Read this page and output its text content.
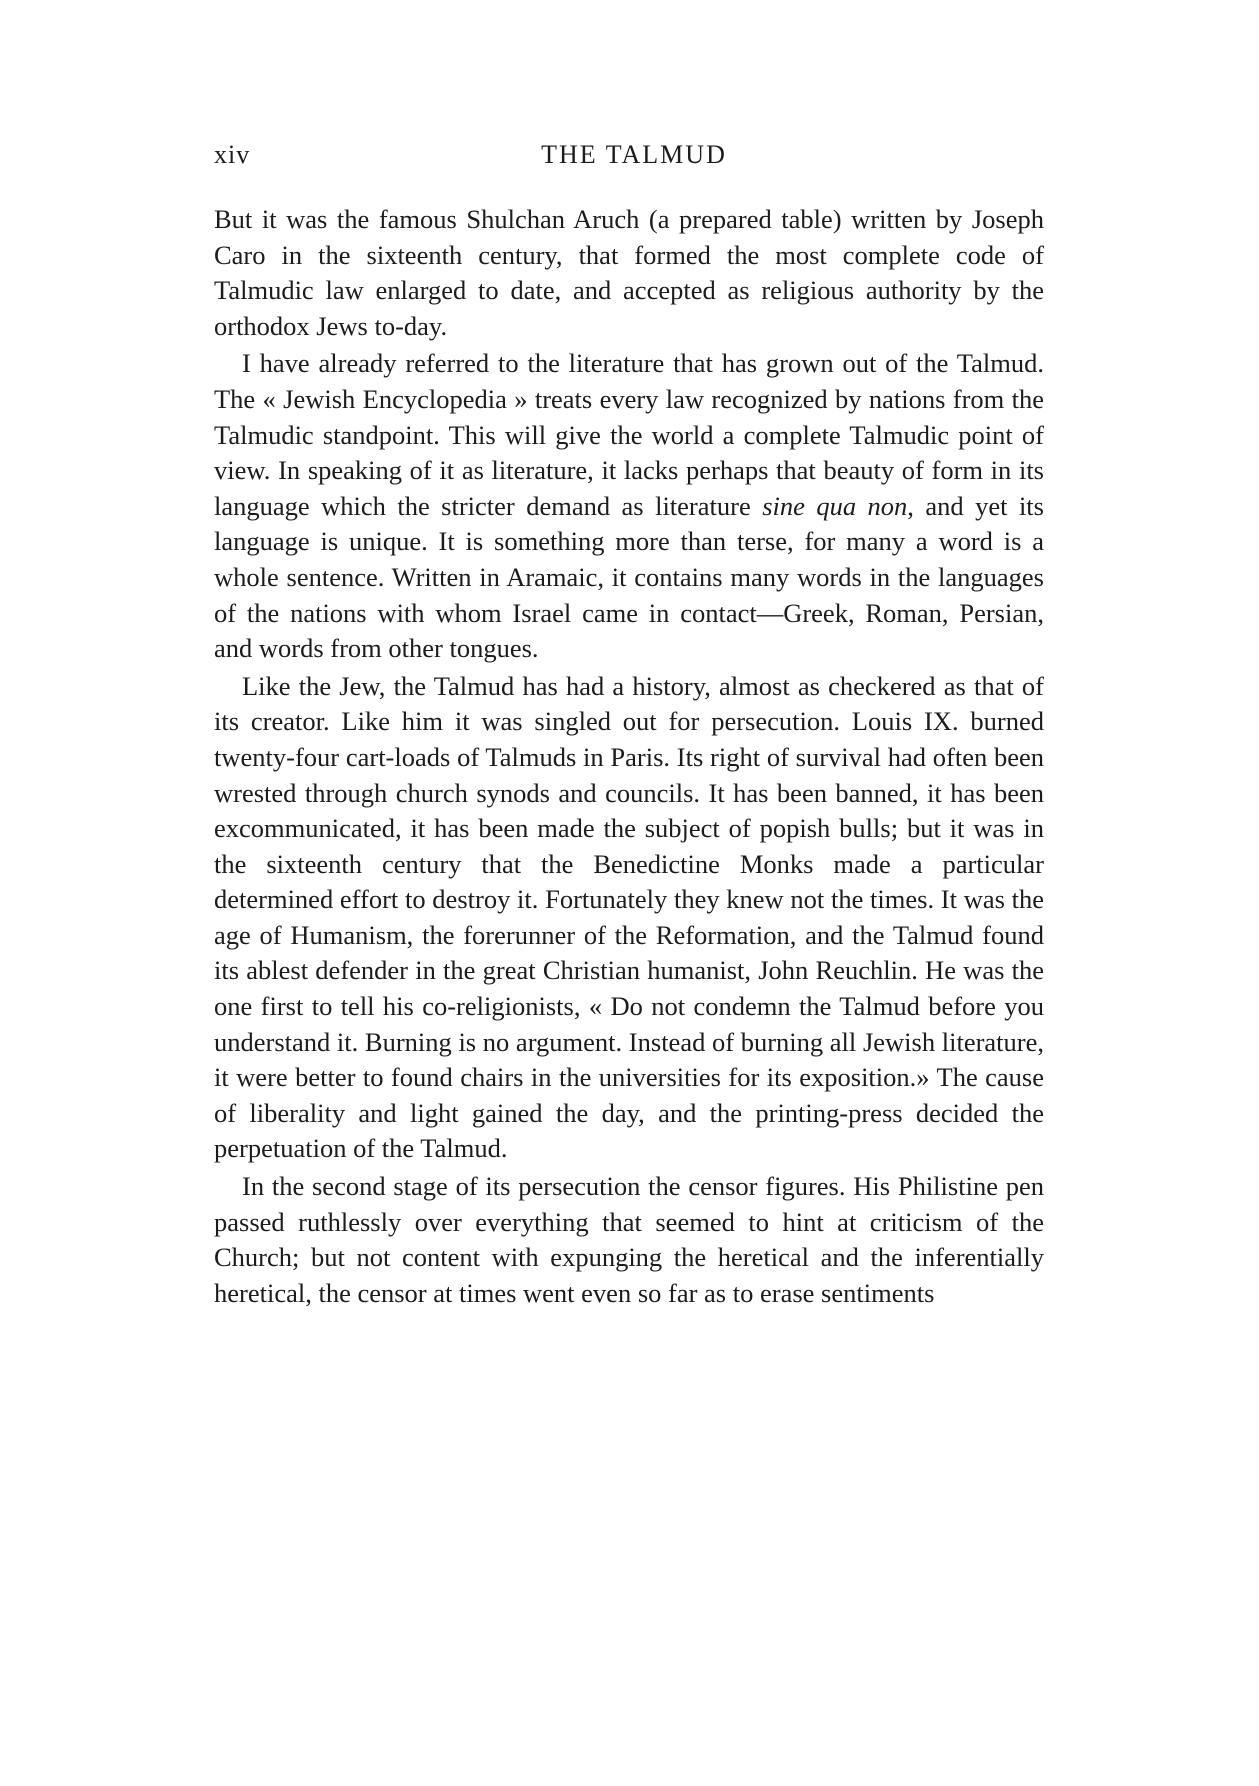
xiv	THE TALMUD

But it was the famous Shulchan Aruch (a prepared table) written by Joseph Caro in the sixteenth century, that formed the most complete code of Talmudic law enlarged to date, and accepted as religious authority by the orthodox Jews to-day.

I have already referred to the literature that has grown out of the Talmud. The « Jewish Encyclopedia » treats every law recognized by nations from the Talmudic standpoint. This will give the world a complete Talmudic point of view. In speaking of it as literature, it lacks perhaps that beauty of form in its language which the stricter demand as literature sine qua non, and yet its language is unique. It is something more than terse, for many a word is a whole sentence. Written in Aramaic, it contains many words in the languages of the nations with whom Israel came in contact—Greek, Roman, Persian, and words from other tongues.

Like the Jew, the Talmud has had a history, almost as checkered as that of its creator. Like him it was singled out for persecution. Louis IX. burned twenty-four cart-loads of Talmuds in Paris. Its right of survival had often been wrested through church synods and councils. It has been banned, it has been excommunicated, it has been made the subject of popish bulls; but it was in the sixteenth century that the Benedictine Monks made a particular determined effort to destroy it. Fortunately they knew not the times. It was the age of Humanism, the forerunner of the Reformation, and the Talmud found its ablest defender in the great Christian humanist, John Reuchlin. He was the one first to tell his co-religionists, « Do not condemn the Talmud before you understand it. Burning is no argument. Instead of burning all Jewish literature, it were better to found chairs in the universities for its exposition.» The cause of liberality and light gained the day, and the printing-press decided the perpetuation of the Talmud.

In the second stage of its persecution the censor figures. His Philistine pen passed ruthlessly over everything that seemed to hint at criticism of the Church; but not content with expunging the heretical and the inferentially heretical, the censor at times went even so far as to erase sentiments
